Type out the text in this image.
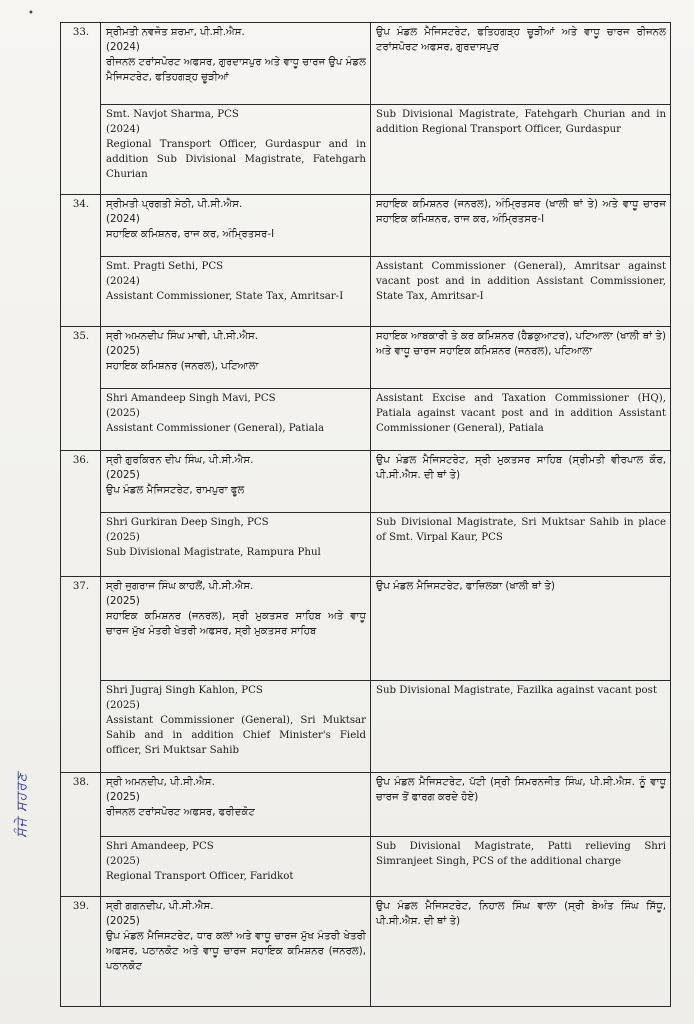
•
ਸੰਜੇ ਸਹਰਣ
33.	ਸ੍ਰੀਮਤੀ ਨਵਜੋਤ ਸ਼ਰਮਾ, ਪੀ.ਸੀ.ਐਸ.
(2024)
ਰੀਜਨਲ ਟਰਾਂਸਪੋਰਟ ਅਫਸਰ, ਗੁਰਦਾਸਪੁਰ ਅਤੇ ਵਾਧੂ ਚਾਰਜ ਉਪ ਮੰਡਲ ਮੈਜਿਸਟਰੇਟ, ਫਤਿਹਗੜ੍ਹ ਚੂੜੀਆਂ	ਉਪ ਮੰਡਲ ਮੈਜਿਸਟਰੇਟ, ਫਤਿਹਗੜ੍ਹ ਚੂੜੀਆਂ ਅਤੇ ਵਾਧੂ ਚਾਰਜ ਰੀਜਨਲ ਟਰਾਂਸਪੋਰਟ ਅਫਸਰ, ਗੁਰਦਾਸਪੁਰ

	Smt. Navjot Sharma, PCS
(2024)
Regional Transport Officer, Gurdaspur and in addition Sub Divisional Magistrate, Fatehgarh Churian	Sub Divisional Magistrate, Fatehgarh Churian and in addition Regional Transport Officer, Gurdaspur
34.	ਸ੍ਰੀਮਤੀ ਪ੍ਰਗਤੀ ਸੇਠੀ, ਪੀ.ਸੀ.ਐਸ.
(2024)
ਸਹਾਇਕ ਕਮਿਸ਼ਨਰ, ਰਾਜ ਕਰ, ਅੰਮ੍ਰਿਤਸਰ-I	ਸਹਾਇਕ ਕਮਿਸ਼ਨਰ (ਜਨਰਲ), ਅੰਮ੍ਰਿਤਸਰ (ਖਾਲੀ ਥਾਂ ਤੇ) ਅਤੇ ਵਾਧੂ ਚਾਰਜ ਸਹਾਇਕ ਕਮਿਸ਼ਨਰ, ਰਾਜ ਕਰ, ਅੰਮ੍ਰਿਤਸਰ-I

	Smt. Pragti Sethi, PCS
(2024)
Assistant Commissioner, State Tax, Amritsar-I	Assistant Commissioner (General), Amritsar against vacant post and in addition Assistant Commissioner, State Tax, Amritsar-I
35.	ਸ੍ਰੀ ਅਮਨਦੀਪ ਸਿੰਘ ਮਾਵੀ, ਪੀ.ਸੀ.ਐਸ.
(2025)
ਸਹਾਇਕ ਕਮਿਸ਼ਨਰ (ਜਨਰਲ), ਪਟਿਆਲਾ	ਸਹਾਇਕ ਆਬਕਾਰੀ ਤੇ ਕਰ ਕਮਿਸ਼ਨਰ (ਹੈਡਕੁਆਟਰ), ਪਟਿਆਲਾ (ਖਾਲੀ ਥਾਂ ਤੇ) ਅਤੇ ਵਾਧੂ ਚਾਰਜ ਸਹਾਇਕ ਕਮਿਸ਼ਨਰ (ਜਨਰਲ), ਪਟਿਆਲਾ

	Shri Amandeep Singh Mavi, PCS
(2025)
Assistant Commissioner (General), Patiala	Assistant Excise and Taxation Commissioner (HQ), Patiala against vacant post and in addition Assistant Commissioner (General), Patiala
36.	ਸ੍ਰੀ ਗੁਰਕਿਰਨ ਦੀਪ ਸਿੰਘ, ਪੀ.ਸੀ.ਐਸ.
(2025)
ਉਪ ਮੰਡਲ ਮੈਜਿਸਟਰੇਟ, ਰਾਮਪੁਰਾ ਫੂਲ	ਉਪ ਮੰਡਲ ਮੈਜਿਸਟਰੇਟ, ਸ੍ਰੀ ਮੁਕਤਸਰ ਸਾਹਿਬ (ਸ੍ਰੀਮਤੀ ਵੀਰਪਾਲ ਕੌਰ, ਪੀ.ਸੀ.ਐਸ. ਦੀ ਥਾਂ ਤੇ)

	Shri Gurkiran Deep Singh, PCS
(2025)
Sub Divisional Magistrate, Rampura Phul	Sub Divisional Magistrate, Sri Muktsar Sahib in place of Smt. Virpal Kaur, PCS
37.	ਸ੍ਰੀ ਜੁਗਰਾਜ ਸਿੰਘ ਕਾਹਲੋਂ, ਪੀ.ਸੀ.ਐਸ.
(2025)
ਸਹਾਇਕ ਕਮਿਸ਼ਨਰ (ਜਨਰਲ), ਸ੍ਰੀ ਮੁਕਤਸਰ ਸਾਹਿਬ ਅਤੇ ਵਾਧੂ ਚਾਰਜ ਮੁੱਖ ਮੰਤਰੀ ਖੇਤਰੀ ਅਫਸਰ, ਸ੍ਰੀ ਮੁਕਤਸਰ ਸਾਹਿਬ	ਉਪ ਮੰਡਲ ਮੈਜਿਸਟਰੇਟ, ਫਾਜ਼ਿਲਕਾ (ਖਾਲੀ ਥਾਂ ਤੇ)

	Shri Jugraj Singh Kahlon, PCS
(2025)
Assistant Commissioner (General), Sri Muktsar Sahib and in addition Chief Minister's Field officer, Sri Muktsar Sahib	Sub Divisional Magistrate, Fazilka against vacant post
38.	ਸ੍ਰੀ ਅਮਨਦੀਪ, ਪੀ.ਸੀ.ਐਸ.
(2025)
ਰੀਜਨਲ ਟਰਾਂਸਪੋਰਟ ਅਫਸਰ, ਫਰੀਦਕੋਟ	ਉਪ ਮੰਡਲ ਮੈਜਿਸਟਰੇਟ, ਪੱਟੀ (ਸ੍ਰੀ ਸਿਮਰਨਜੀਤ ਸਿੰਘ, ਪੀ.ਸੀ.ਐਸ. ਨੂੰ ਵਾਧੂ ਚਾਰਜ ਤੋਂ ਫਾਰਗ ਕਰਦੇ ਹੋਏ)

	Shri Amandeep, PCS
(2025)
Regional Transport Officer, Faridkot	Sub Divisional Magistrate, Patti relieving Shri Simranjeet Singh, PCS of the additional charge
39.	ਸ੍ਰੀ ਗਗਨਦੀਪ, ਪੀ.ਸੀ.ਐਸ.
(2025)
ਉਪ ਮੰਡਲ ਮੈਜਿਸਟਰੇਟ, ਧਾਰ ਕਲਾਂ ਅਤੇ ਵਾਧੂ ਚਾਰਜ ਮੁੱਖ ਮੰਤਰੀ ਖੇਤਰੀ ਅਫਸਰ, ਪਠਾਨਕੋਟ ਅਤੇ ਵਾਧੂ ਚਾਰਜ ਸਹਾਇਕ ਕਮਿਸ਼ਨਰ (ਜਨਰਲ), ਪਠਾਨਕੋਟ	ਉਪ ਮੰਡਲ ਮੈਜਿਸਟਰੇਟ, ਨਿਹਾਲ ਸਿੰਘ ਵਾਲਾ (ਸ੍ਰੀ ਬੇਅੰਤ ਸਿੰਘ ਸਿੱਧੂ, ਪੀ.ਸੀ.ਐਸ. ਦੀ ਥਾਂ ਤੇ)
